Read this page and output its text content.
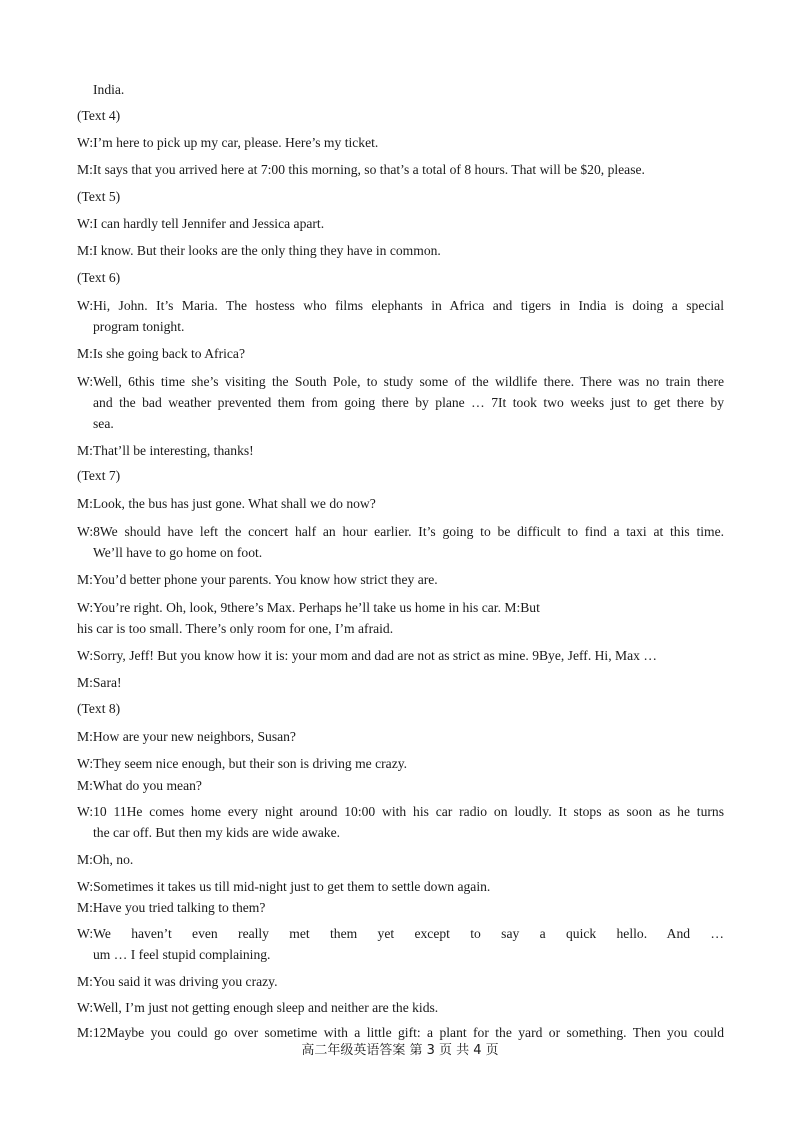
India.
(Text 4)
W:I’m here to pick up my car, please. Here’s my ticket.
M:It says that you arrived here at 7:00 this morning, so that’s a total of 8 hours. That will be $20, please.
(Text 5)
W:I can hardly tell Jennifer and Jessica apart.
M:I know. But their looks are the only thing they have in common.
(Text 6)
W:Hi, John. It’s Maria. The hostess who films elephants in Africa and tigers in India is doing a special
program tonight.
M:Is she going back to Africa?
W:Well, 6this time she’s visiting the South Pole, to study some of the wildlife there. There was no train there
and the bad weather prevented them from going there by plane … 7It took two weeks just to get there by
sea.
M:That’ll be interesting, thanks!
(Text 7)
M:Look, the bus has just gone. What shall we do now?
W:8We should have left the concert half an hour earlier. It’s going to be difficult to find a taxi at this time.
We’ll have to go home on foot.
M:You’d better phone your parents. You know how strict they are.
W:You’re right. Oh, look, 9there’s Max. Perhaps he’ll take us home in his car. M:But
his car is too small. There’s only room for one, I’m afraid.
W:Sorry, Jeff! But you know how it is: your mom and dad are not as strict as mine. 9Bye, Jeff. Hi, Max …
M:Sara!
(Text 8)
M:How are your new neighbors, Susan?
W:They seem nice enough, but their son is driving me crazy.
M:What do you mean?
W:10 11He comes home every night around 10:00 with his car radio on loudly. It stops as soon as he turns
the car off. But then my kids are wide awake.
M:Oh, no.
W:Sometimes it takes us till mid-night just to get them to settle down again.
M:Have you tried talking to them?
W:We haven’t even really met them yet except to say a quick hello. And …
um … I feel stupid complaining.
M:You said it was driving you crazy.
W:Well, I’m just not getting enough sleep and neither are the kids.
M:12Maybe you could go over sometime with a little gift: a plant for the yard or something. Then you could
高二年级英语答案 第 3 页 共 4 页
